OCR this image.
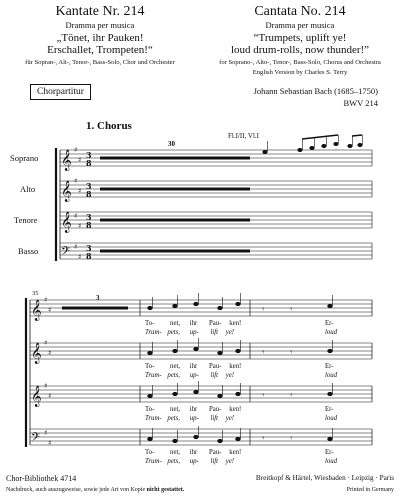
Kantate Nr. 214
Dramma per musica
„Tönet, ihr Pauken!
Erschallet, Trompeten!“
für Sopran-, Alt-, Tenor-, Bass-Solo, Chor und Orchester
Cantata No. 214
Dramma per musica
“Trumpets, uplift ye!
loud drum-rolls, now thunder!”
for Soprano-, Alto-, Tenor-, Bass-Solo, Chorus and Orchestra
English Version by Charles S. Terry
Chorpartitur	Johann Sebastian Bach (1685–1750)
BWV 214
1. Chorus
Fl.I/II, Vl.I
30
Soprano
Alto
Tenore
Basso
35
3
𝄞
𝄞
𝄞
𝄢
𝄞
𝄞
𝄞
𝄢
♯
♯
♯
♯
♯
♯
♯
♯
♯
♯
♯
♯
♯
♯
♯
♯
3
8
3
8
3
8
3
8
𝄾	𝄾
𝄾	𝄾
𝄾	𝄾
𝄾	𝄾
To- net, ihr Pau- ken!	Er-
Trum- pets, up- lift ye!	loud
To- net, ihr Pau- ken!	Er-
Trum- pets, up- lift ye!	loud
To- net, ihr Pau- ken!	Er-
Trum- pets, up- lift ye!	loud
To- net, ihr Pau- ken!	Er-
Trum- pets, up- lift ye!	loud
Chor-Bibliothek 4714
Nachdruck, auch auszugsweise, sowie jede Art von Kopie nicht gestattet.
Breitkopf & Härtel, Wiesbaden · Leipzig · Paris
Printed in Germany
